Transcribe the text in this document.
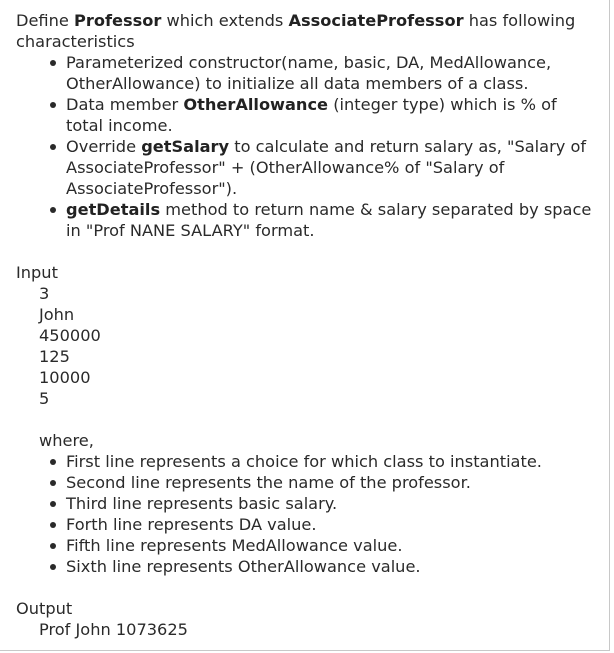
Define Professor which extends AssociateProfessor has following characteristics

Parameterized constructor(name, basic, DA, MedAllowance, OtherAllowance) to initialize all data members of a class.
Data member OtherAllowance (integer type) which is % of total income.
Override getSalary to calculate and return salary as, "Salary of AssociateProfessor" + (OtherAllowance% of "Salary of AssociateProfessor").
getDetails method to return name & salary separated by space in "Prof NANE SALARY" format.

Input

3

John

450000

125

10000

5

where,

First line represents a choice for which class to instantiate.
Second line represents the name of the professor.
Third line represents basic salary.
Forth line represents DA value.
Fifth line represents MedAllowance value.
Sixth line represents OtherAllowance value.

Output

Prof John 1073625
